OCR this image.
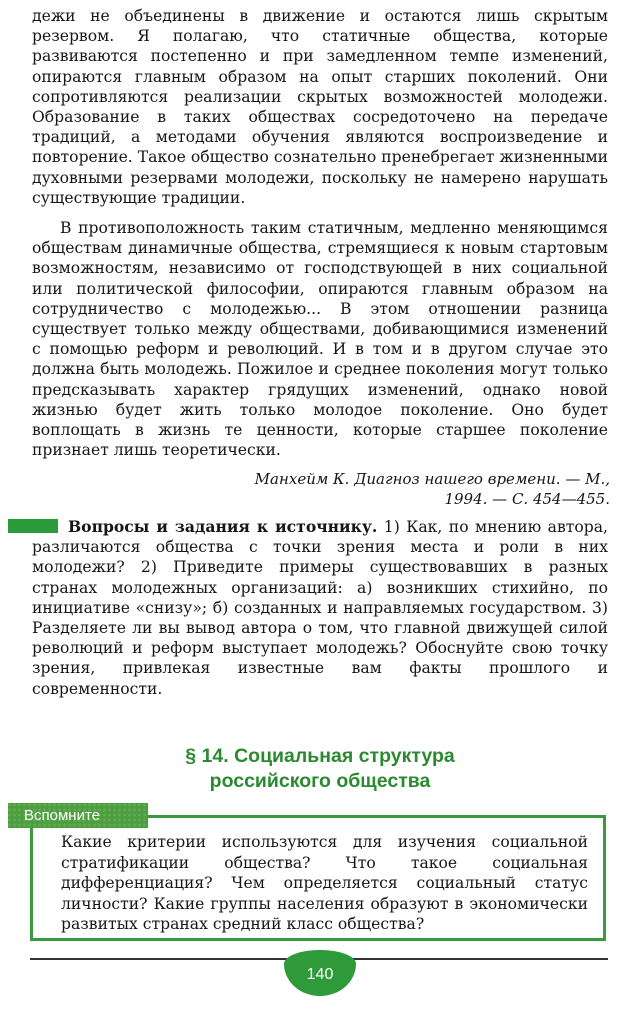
дежи не объединены в движение и остаются лишь скрытым резервом. Я полагаю, что статичные общества, которые развиваются постепенно и при замедленном темпе изменений, опираются главным образом на опыт старших поколений. Они сопротивляются реализации скрытых возможностей молодежи. Образование в таких обществах сосредоточено на передаче традиций, а методами обучения являются воспроизведение и повторение. Такое общество сознательно пренебрегает жизненными духовными резервами молодежи, поскольку не намерено нарушать существующие традиции.

В противоположность таким статичным, медленно меняющимся обществам динамичные общества, стремящиеся к новым стартовым возможностям, независимо от господствующей в них социальной или политической философии, опираются главным образом на сотрудничество с молодежью... В этом отношении разница существует только между обществами, добивающимися изменений с помощью реформ и революций. И в том и в другом случае это должна быть молодежь. Пожилое и среднее поколения могут только предсказывать характер грядущих изменений, однако новой жизнью будет жить только молодое поколение. Оно будет воплощать в жизнь те ценности, которые старшее поколение признает лишь теоретически.

Манхейм К. Диагноз нашего времени. — М.,
1994. — С. 454—455.

Вопросы и задания к источнику. 1) Как, по мнению автора, различаются общества с точки зрения места и роли в них молодежи? 2) Приведите примеры существовавших в разных странах молодежных организаций: а) возникших стихийно, по инициативе «снизу»; б) созданных и направляемых государством. 3) Разделяете ли вы вывод автора о том, что главной движущей силой революций и реформ выступает молодежь? Обоснуйте свою точку зрения, привлекая известные вам факты прошлого и современности.

§ 14. Социальная структура
российского общества
Вспомните

Какие критерии используются для изучения социальной стратификации общества? Что такое социальная дифференциация? Чем определяется социальный статус личности? Какие группы населения образуют в экономически развитых странах средний класс общества?

140
